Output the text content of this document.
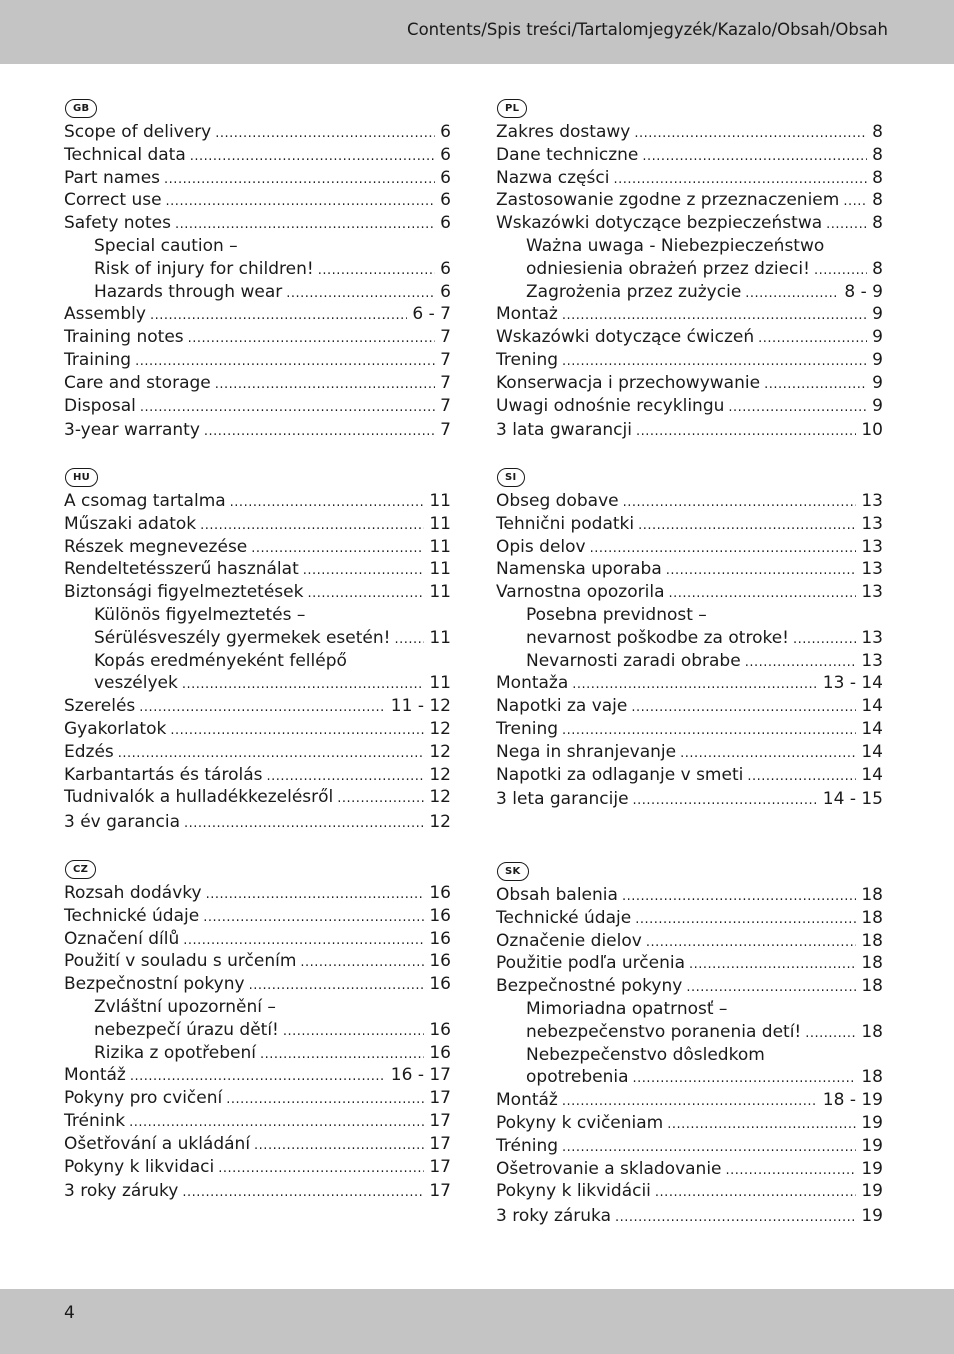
Contents/Spis treści/Tartalomjegyzék/Kazalo/Obsah/Obsah
GB
Scope of delivery .....	6
Technical data .....	6
Part names .....	6
Correct use .....	6
Safety notes .....	6
Special caution –
Risk of injury for children! .....	6
Hazards through wear .....	6
Assembly .....	6 - 7
Training notes .....	7
Training .....	7
Care and storage .....	7
Disposal .....	7
3-year warranty .....	7
PL
Zakres dostawy .....	8
Dane techniczne .....	8
Nazwa części .....	8
Zastosowanie zgodne z przeznaczeniem ..... 8
Wskazówki dotyczące bezpieczeństwa .....	8
Ważna uwaga - Niebezpieczeństwo
odniesienia obrażeń przez dzieci! .....	8
Zagrożenia przez zużycie .....	8 - 9
Montaż .....	9
Wskazówki dotyczące ćwiczeń .....	9
Trening .....	9
Konserwacja i przechowywanie .....	9
Uwagi odnośnie recyklingu .....	9
3 lata gwarancji .....	10
HU
A csomag tartalma .....	11
Műszaki adatok .....	11
Részek megnevezése .....	11
Rendeltetésszerű használat .....	11
Biztonsági figyelmeztetések .....	11
Különös figyelmeztetés –
Sérülésveszély gyermekek esetén! ..... 11
Kopás eredményeként fellépő
veszélyek .....	11
Szerelés .....	11 - 12
Gyakorlatok .....	12
Edzés .....	12
Karbantartás és tárolás .....	12
Tudnivalók a hulladékkezelésről .....	12
3 év garancia .....	12
SI
Obseg dobave .....	13
Tehnični podatki .....	13
Opis delov .....	13
Namenska uporaba .....	13
Varnostna opozorila .....	13
Posebna previdnost –
nevarnost poškodbe za otroke! .....	13
Nevarnosti zaradi obrabe .....	13
Montaža .....	13 - 14
Napotki za vaje .....	14
Trening .....	14
Nega in shranjevanje .....	14
Napotki za odlaganje v smeti .....	14
3 leta garancije .....	14 - 15
CZ
Rozsah dodávky .....	16
Technické údaje .....	16
Označení dílů .....	16
Použití v souladu s určením .....	16
Bezpečnostní pokyny .....	16
Zvláštní upozornění –
nebezpečí úrazu dětí! .....	16
Rizika z opotřebení .....	16
Montáž .....	16 - 17
Pokyny pro cvičení .....	17
Trénink .....	17
Ošetřování a ukládání .....	17
Pokyny k likvidaci .....	17
3 roky záruky .....	17
SK
Obsah balenia .....	18
Technické údaje .....	18
Označenie dielov .....	18
Použitie podľa určenia .....	18
Bezpečnostné pokyny .....	18
Mimoriadna opatrnosť –
nebezpečenstvo poranenia detí! .....	18
Nebezpečenstvo dôsledkom
opotrebenia .....	18
Montáž .....	18 - 19
Pokyny k cvičeniam .....	19
Tréning .....	19
Ošetrovanie a skladovanie .....	19
Pokyny k likvidácii .....	19
3 roky záruka .....	19
4
